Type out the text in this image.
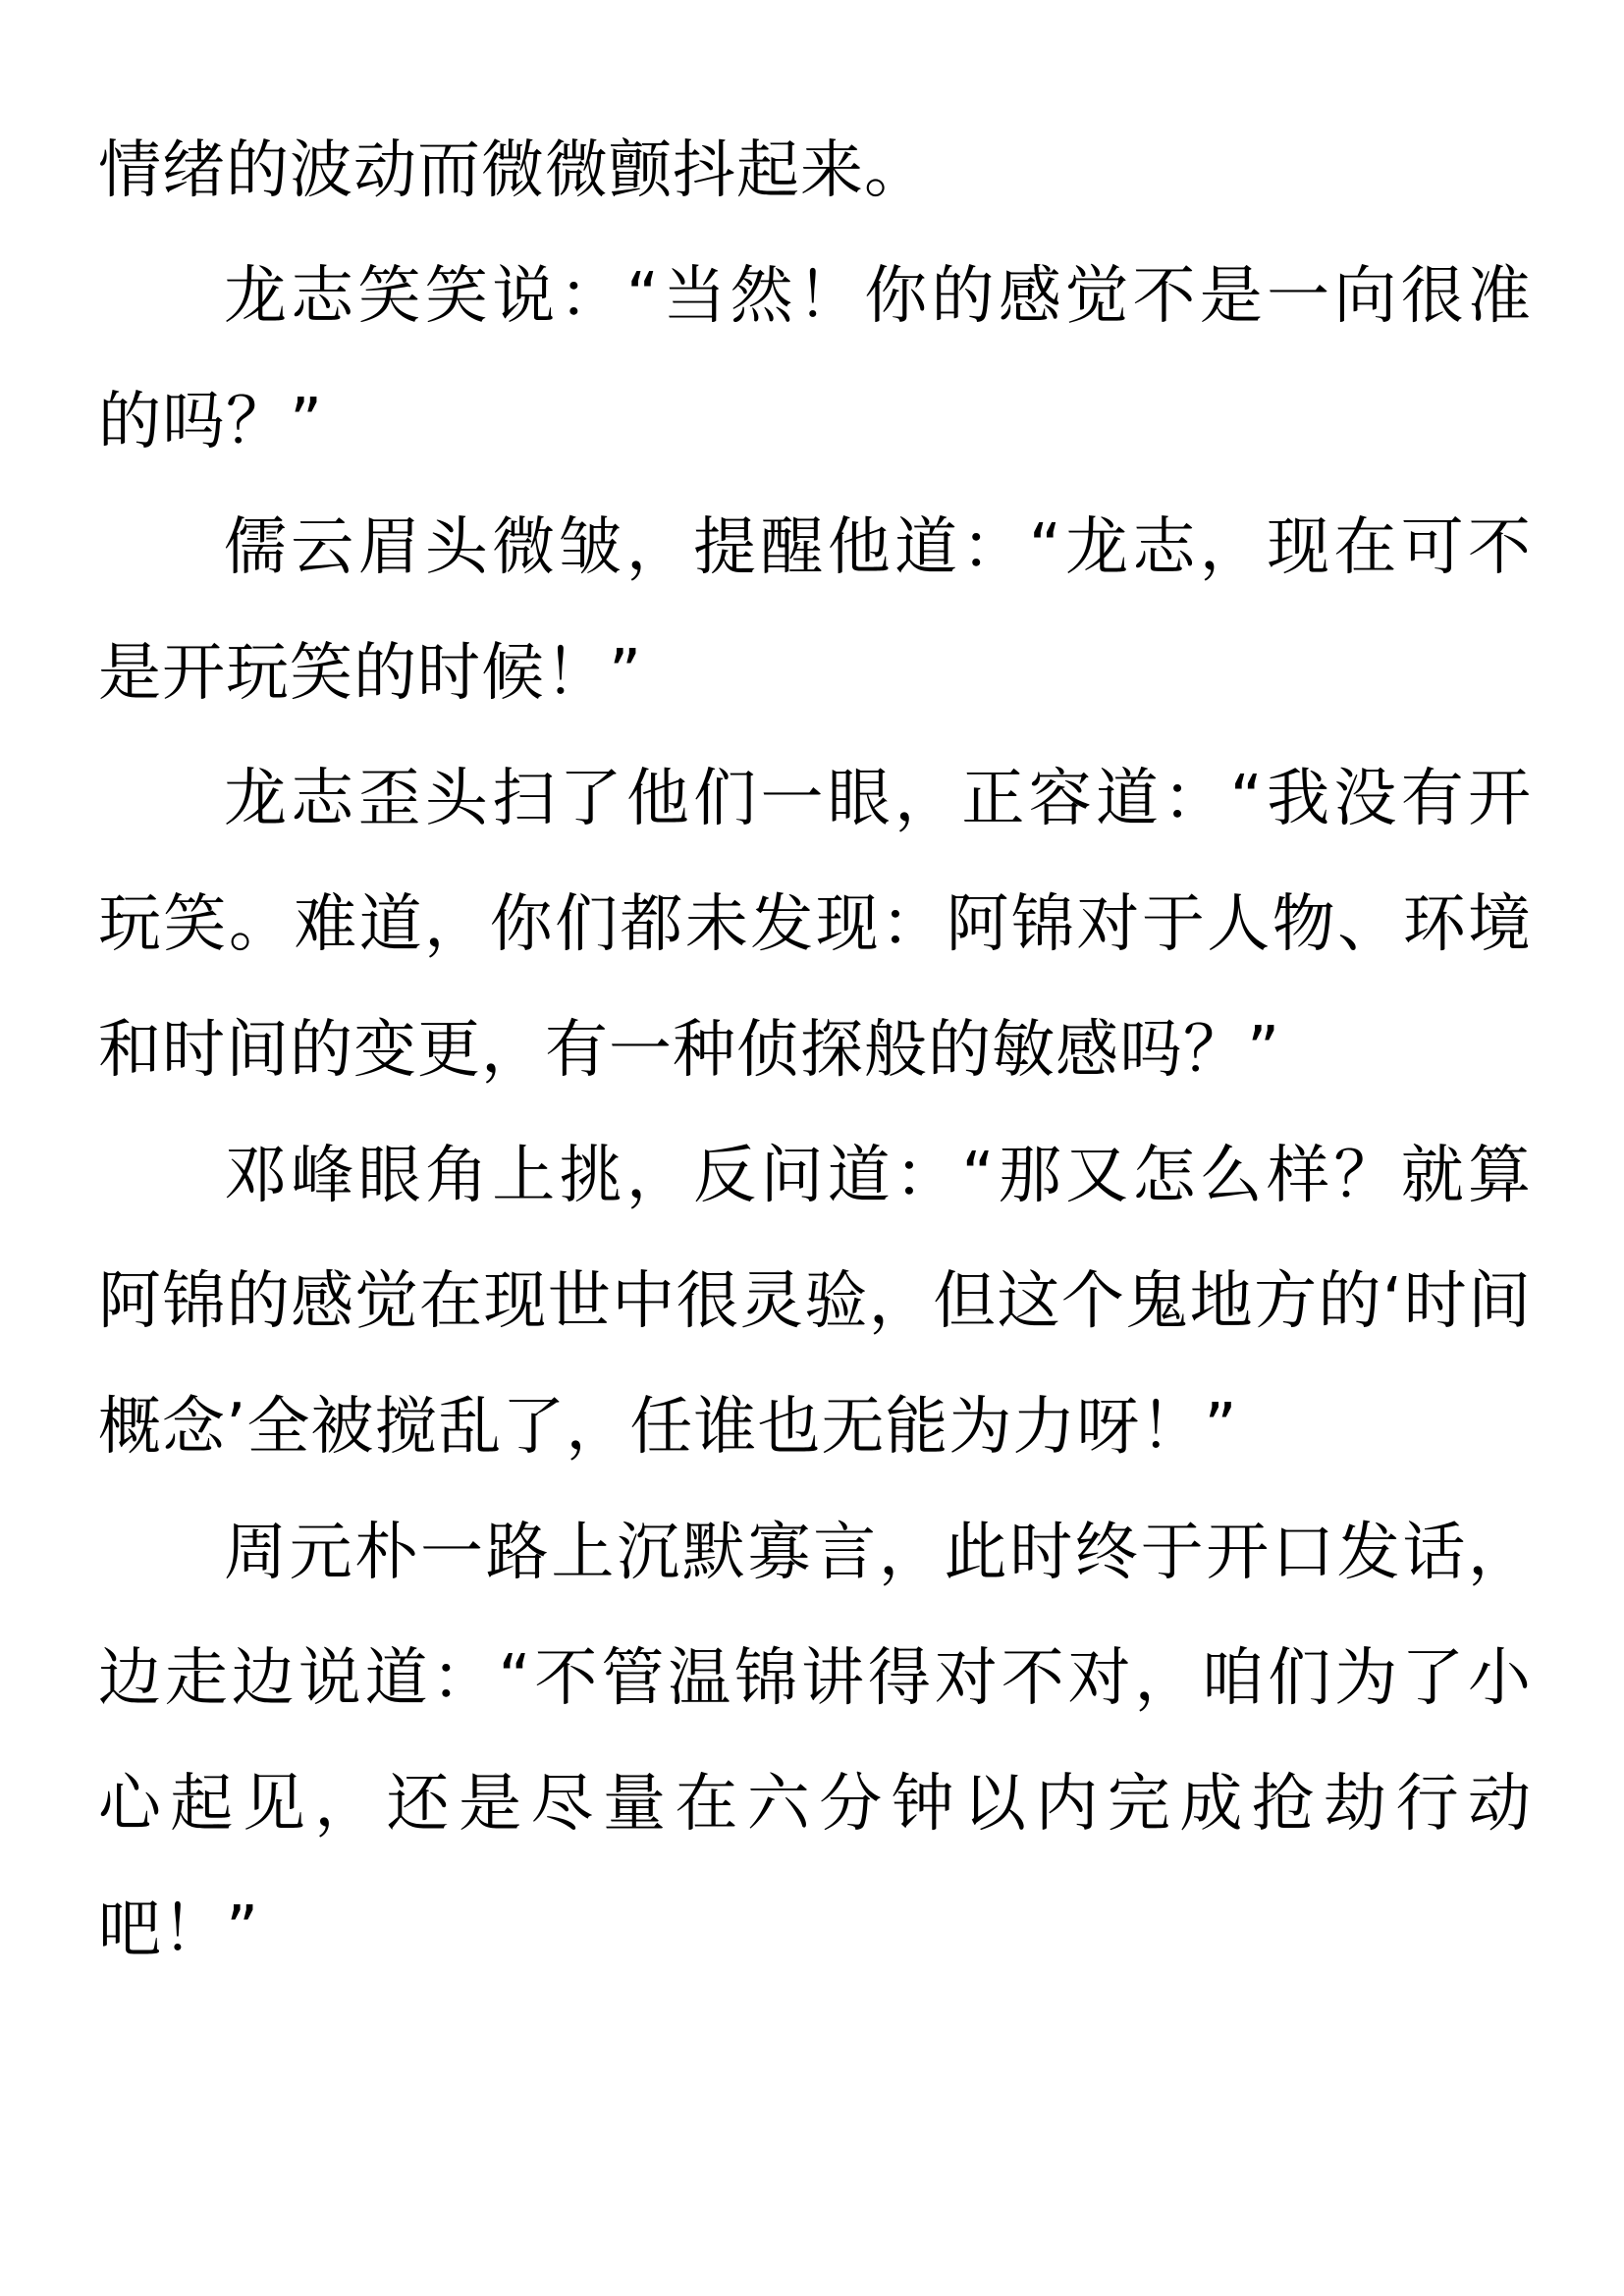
情绪的波动而微微颤抖起来。

龙志笑笑说：“当然！你的感觉不是一向很准的吗？”

儒云眉头微皱，提醒他道：“龙志，现在可不是开玩笑的时候！”

龙志歪头扫了他们一眼，正容道：“我没有开玩笑。难道，你们都未发现：阿锦对于人物、环境和时间的变更，有一种侦探般的敏感吗？”

邓峰眼角上挑，反问道：“那又怎么样？就算阿锦的感觉在现世中很灵验，但这个鬼地方的‘时间概念’全被搅乱了，任谁也无能为力呀！”

周元朴一路上沉默寡言，此时终于开口发话，边走边说道：“不管温锦讲得对不对，咱们为了小心起见，还是尽量在六分钟以内完成抢劫行动吧！”
